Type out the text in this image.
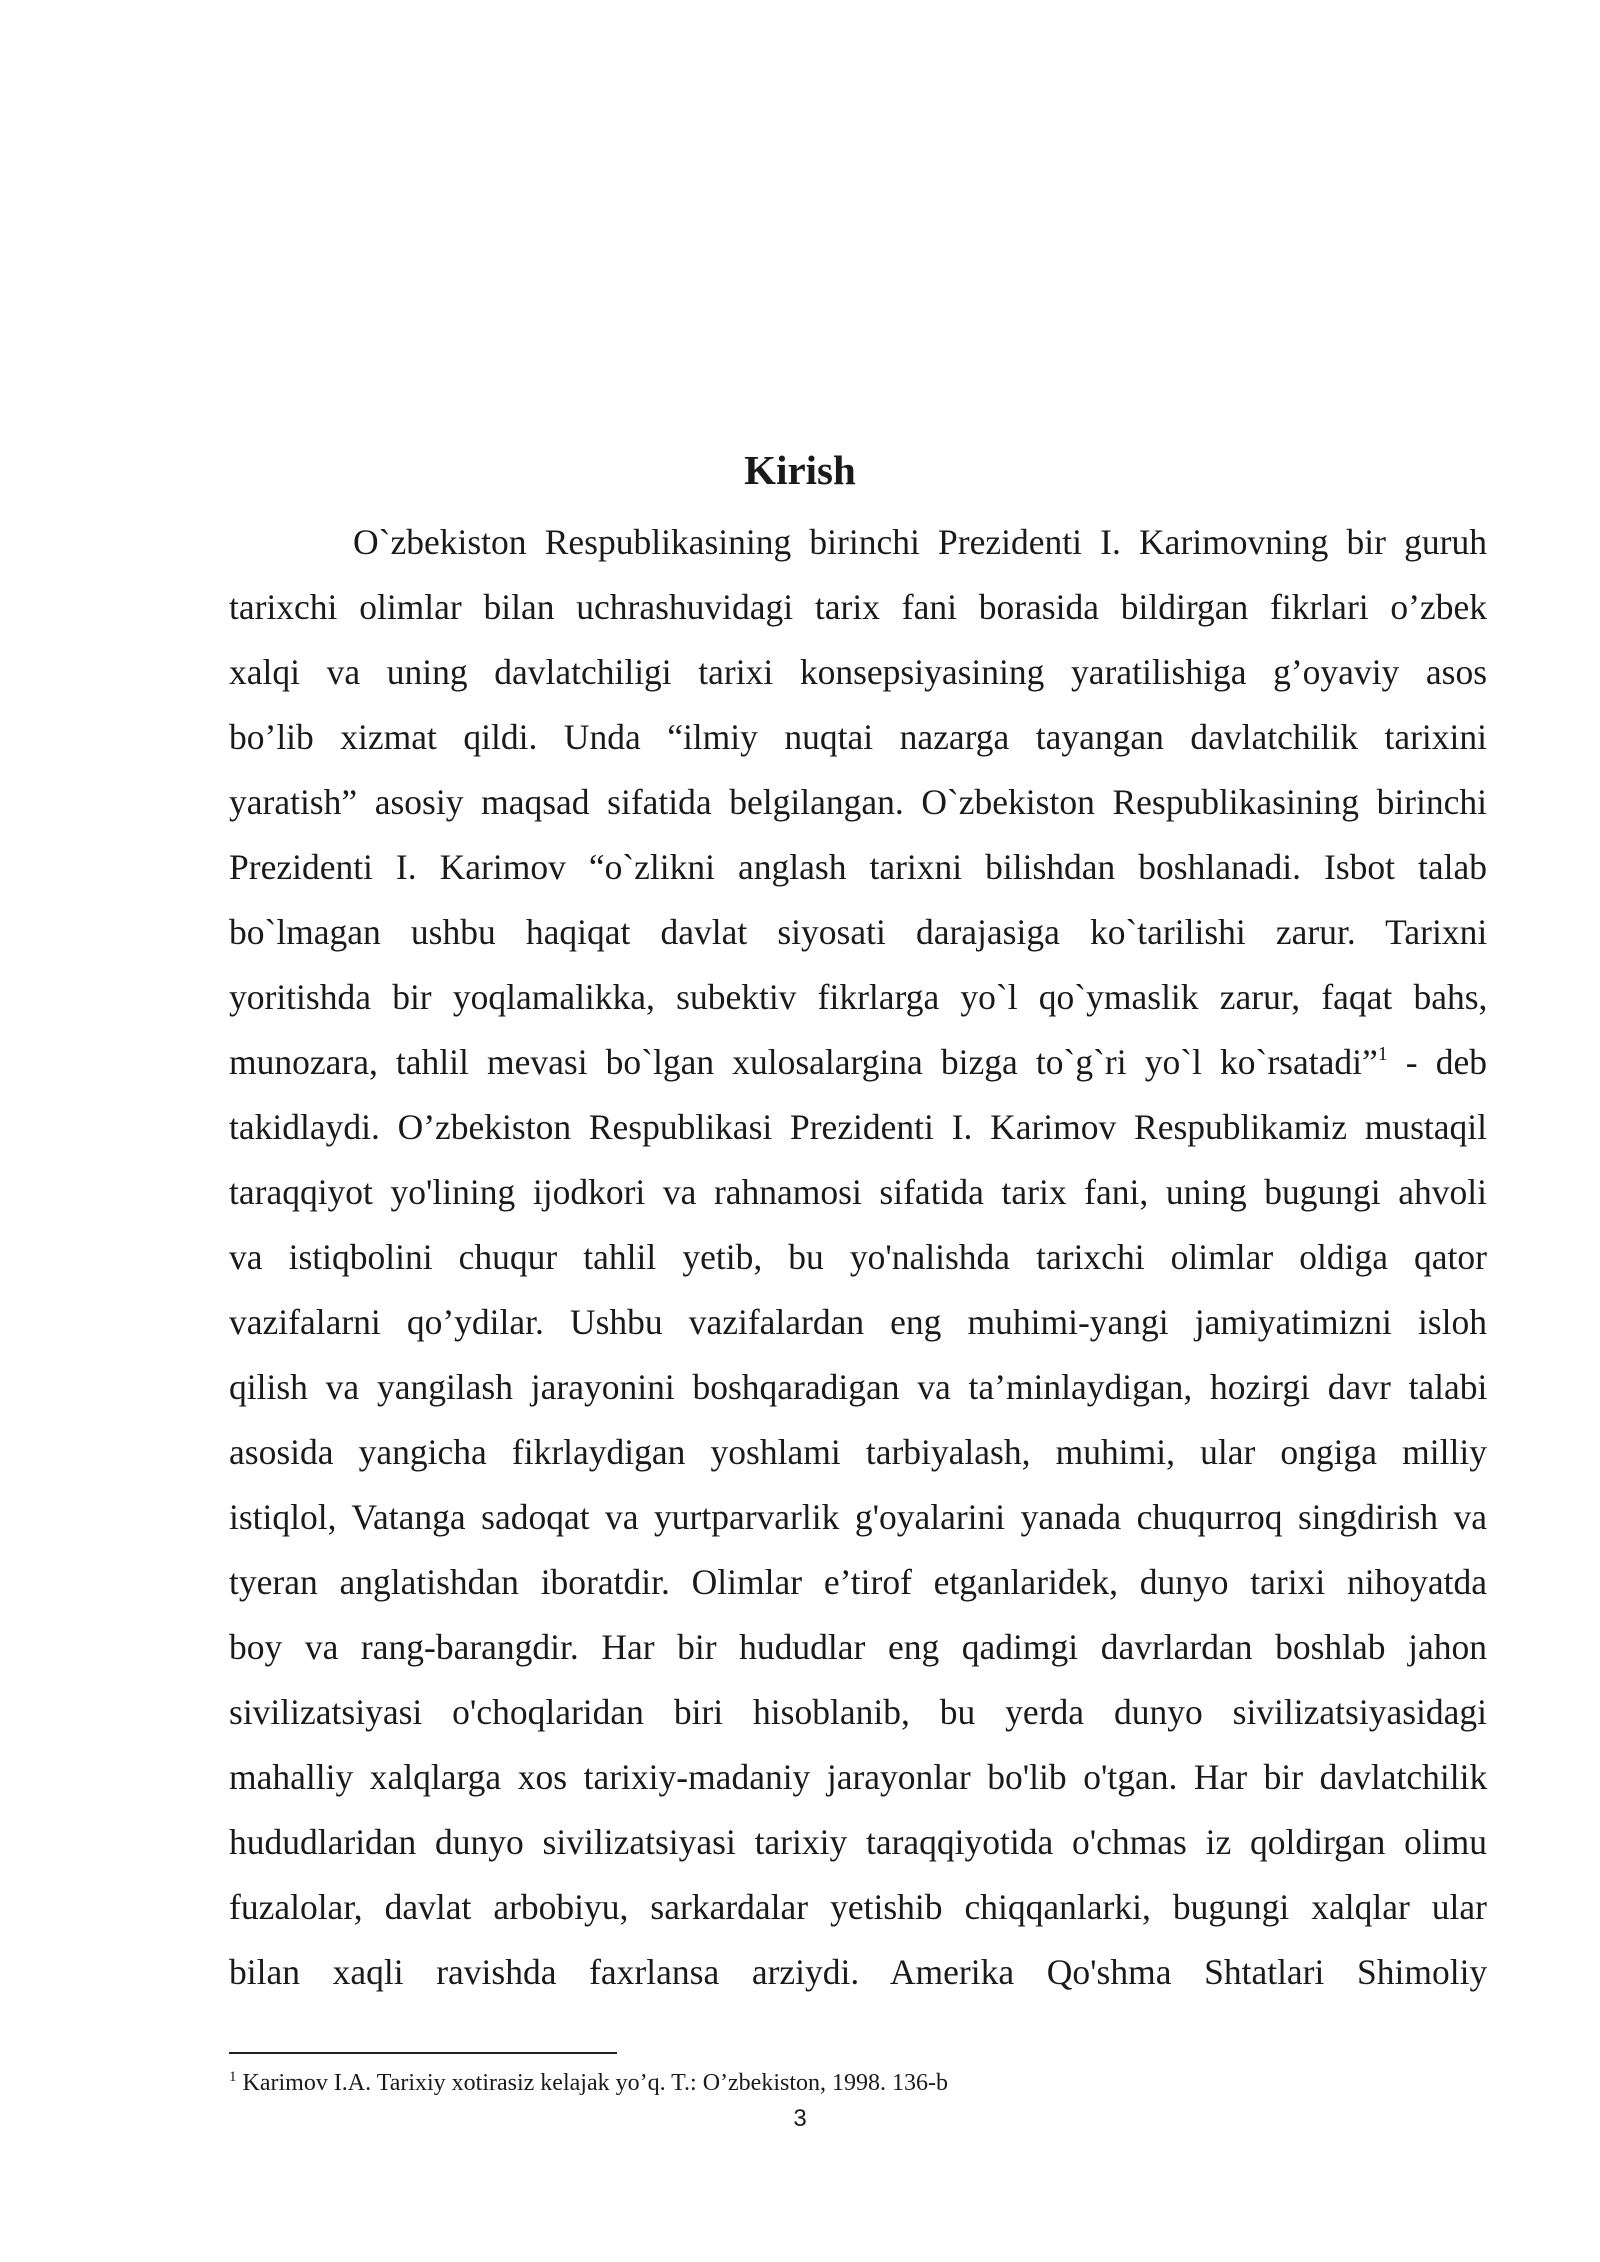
Kirish
O`zbekiston Respublikasining birinchi Prezidenti I. Karimovning bir guruh
tarixchi olimlar bilan uchrashuvidagi tarix fani borasida bildirgan fikrlari o’zbek
xalqi va uning davlatchiligi tarixi konsepsiyasining yaratilishiga g’oyaviy asos
bo’lib xizmat qildi. Unda “ilmiy nuqtai nazarga tayangan davlatchilik tarixini
yaratish” asosiy maqsad sifatida belgilangan. O`zbekiston Respublikasining birinchi
Prezidenti I. Karimov “o`zlikni anglash tarixni bilishdan boshlanadi. Isbot talab
bo`lmagan ushbu haqiqat davlat siyosati darajasiga ko`tarilishi zarur. Tarixni
yoritishda bir yoqlamalikka, subektiv fikrlarga yo`l qo`ymaslik zarur, faqat bahs,
munozara, tahlil mevasi bo`lgan xulosalargina bizga to`g`ri yo`l ko`rsatadi”$^1$ - deb
takidlaydi. O’zbekiston Respublikasi Prezidenti I. Karimov Respublikamiz mustaqil
taraqqiyot yo'lining ijodkori va rahnamosi sifatida tarix fani, uning bugungi ahvoli
va istiqbolini chuqur tahlil yetib, bu yo'nalishda tarixchi olimlar oldiga qator
vazifalarni qo’ydilar. Ushbu vazifalardan eng muhimi-yangi jamiyatimizni isloh
qilish va yangilash jarayonini boshqaradigan va ta’minlaydigan, hozirgi davr talabi
asosida yangicha fikrlaydigan yoshlami tarbiyalash, muhimi, ular ongiga milliy
istiqlol, Vatanga sadoqat va yurtparvarlik g'oyalarini yanada chuqurroq singdirish va
tyeran anglatishdan iboratdir. Olimlar e’tirof etganlaridek, dunyo tarixi nihoyatda
boy va rang-barangdir. Har bir hududlar eng qadimgi davrlardan boshlab jahon
sivilizatsiyasi o'choqlaridan biri hisoblanib, bu yerda dunyo sivilizatsiyasidagi
mahalliy xalqlarga xos tarixiy-madaniy jarayonlar bo'lib o'tgan. Har bir davlatchilik
hududlaridan dunyo sivilizatsiyasi tarixiy taraqqiyotida o'chmas iz qoldirgan olimu
fuzalolar, davlat arbobiyu, sarkardalar yetishib chiqqanlarki, bugungi xalqlar ular
bilan xaqli ravishda faxrlansa arziydi. Amerika Qo'shma Shtatlari Shimoliy

$^1$ Karimov I.A. Tarixiy xotirasiz kelajak yo’q. T.: O’zbekiston, 1998. 136-b

3
